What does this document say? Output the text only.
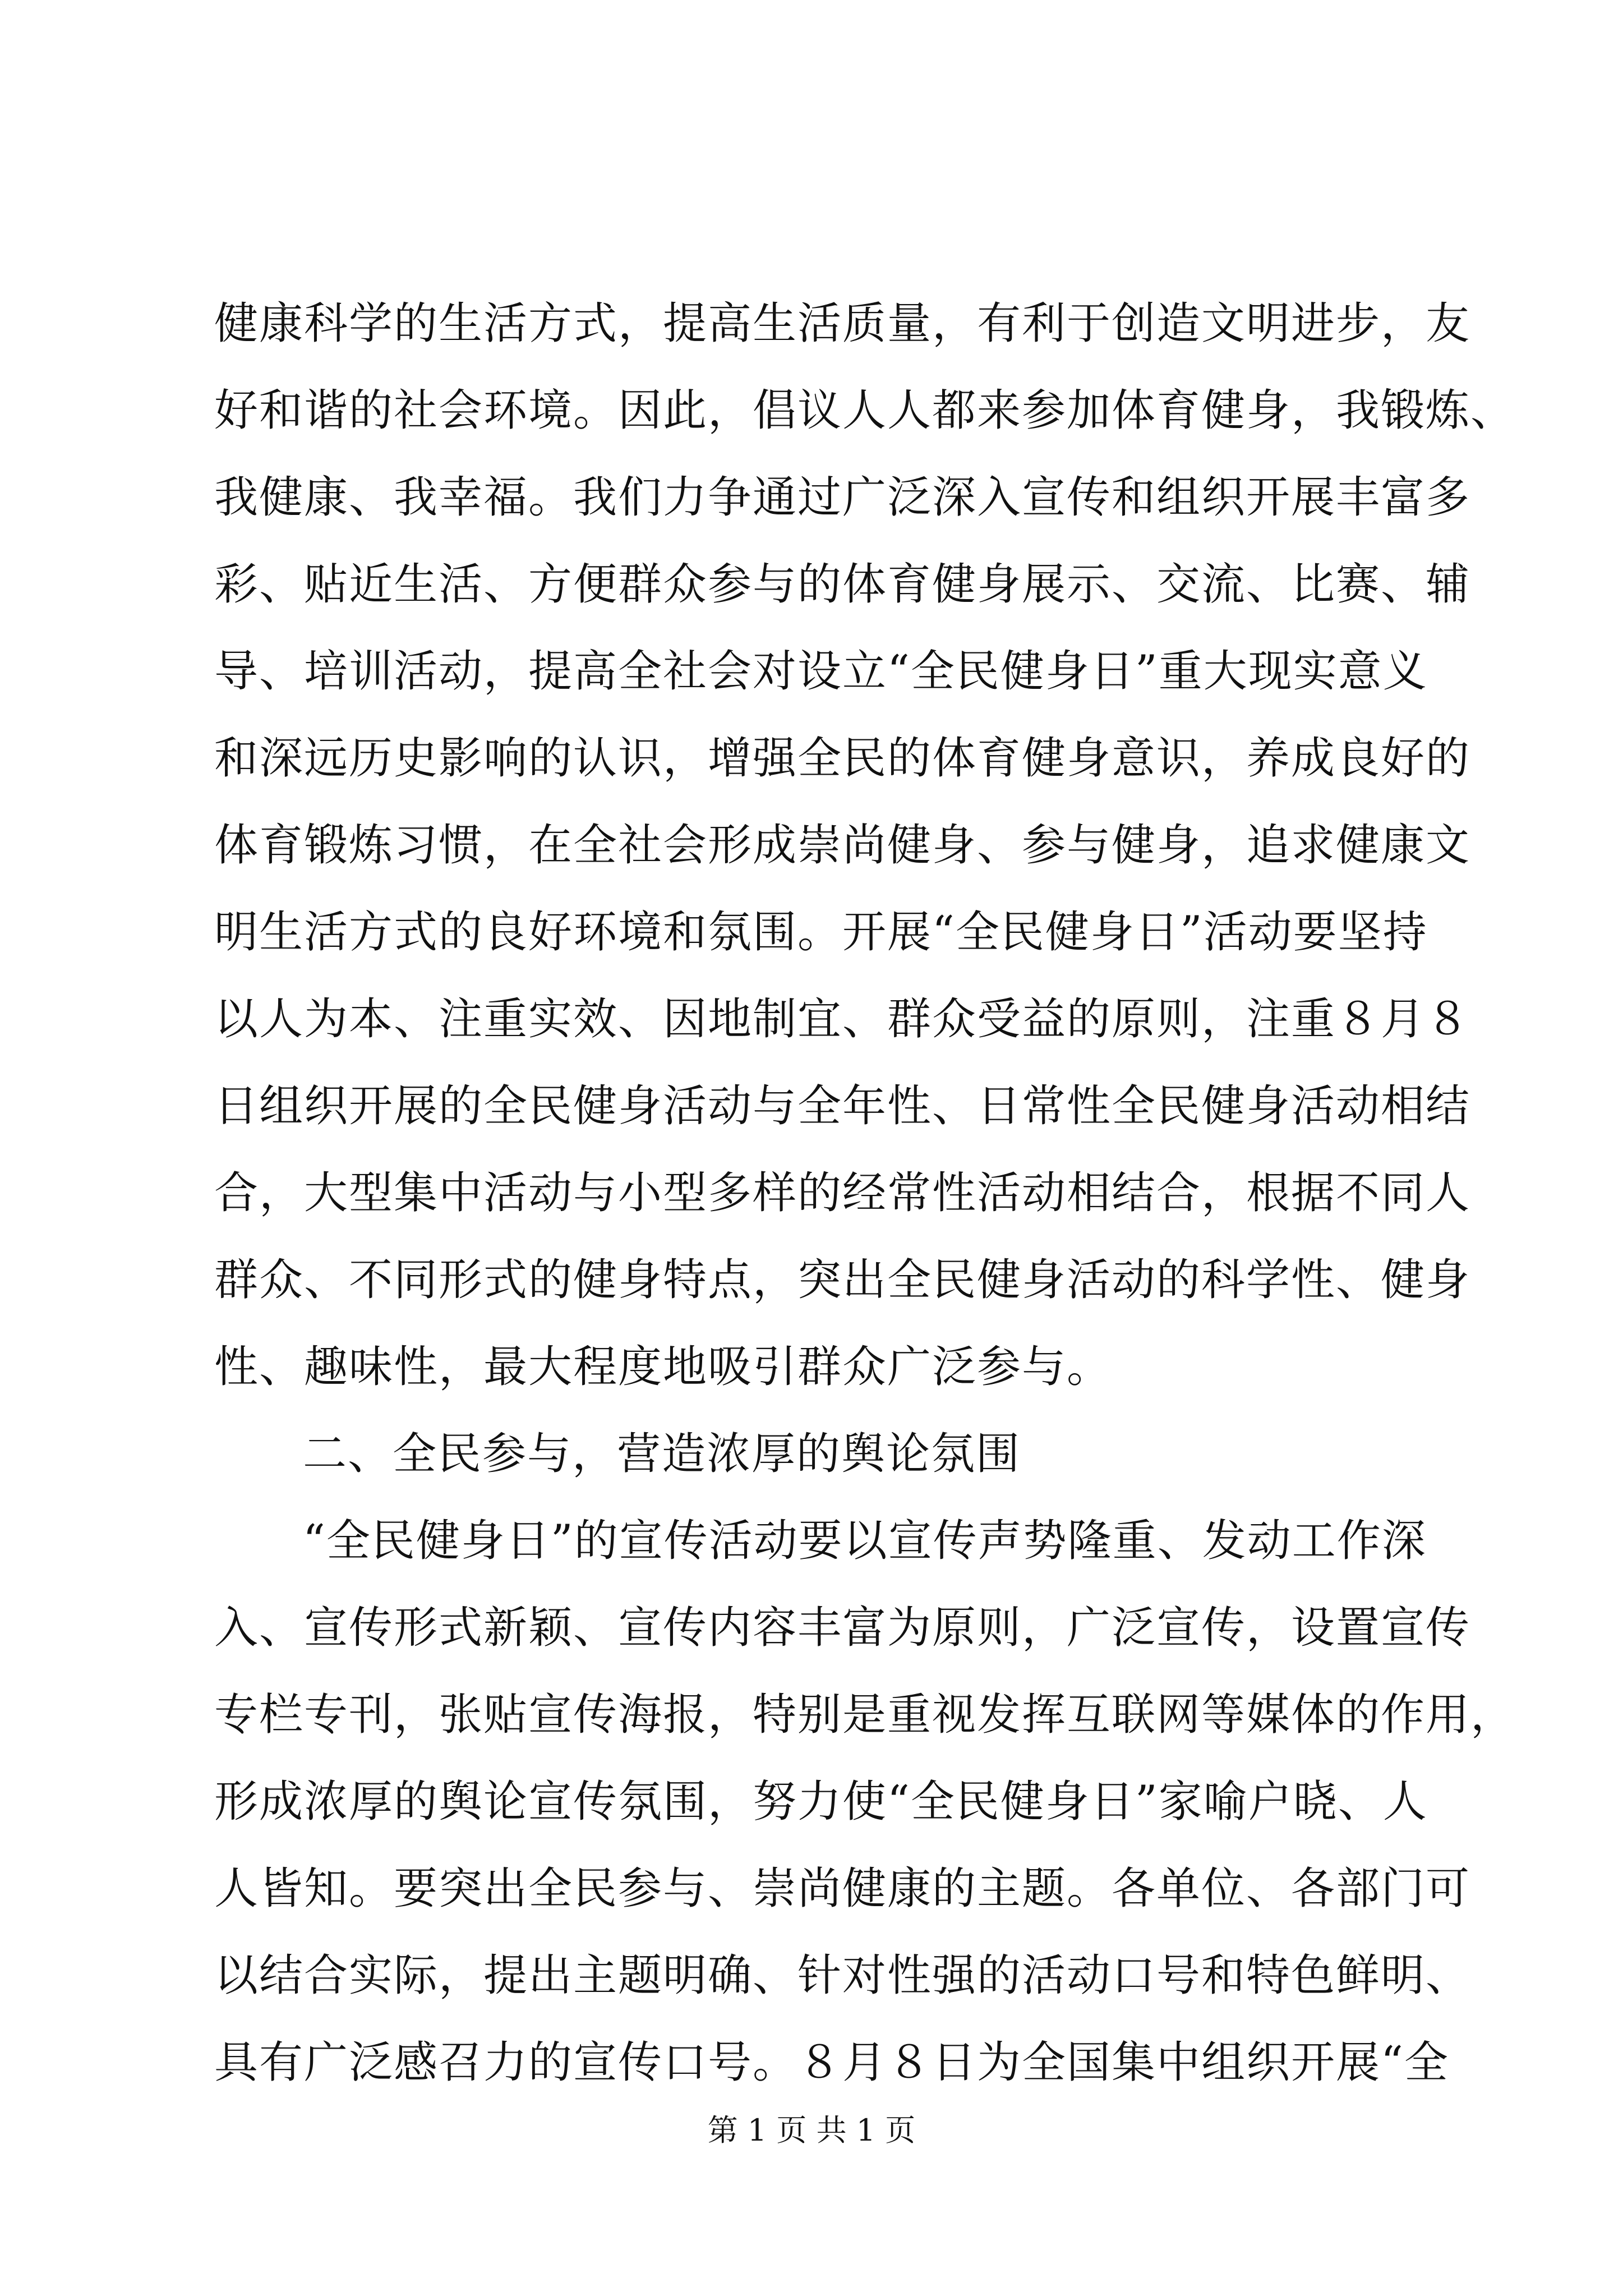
健康科学的生活方式，提高生活质量，有利于创造文明进步，友
好和谐的社会环境。因此，倡议人人都来参加体育健身，我锻炼、
我健康、我幸福。我们力争通过广泛深入宣传和组织开展丰富多
彩、贴近生活、方便群众参与的体育健身展示、交流、比赛、辅
导、培训活动，提高全社会对设立“全民健身日”重大现实意义
和深远历史影响的认识，增强全民的体育健身意识，养成良好的
体育锻炼习惯，在全社会形成崇尚健身、参与健身，追求健康文
明生活方式的良好环境和氛围。开展“全民健身日”活动要坚持
以人为本、注重实效、因地制宜、群众受益的原则，注重８月８
日组织开展的全民健身活动与全年性、日常性全民健身活动相结
合，大型集中活动与小型多样的经常性活动相结合，根据不同人
群众、不同形式的健身特点，突出全民健身活动的科学性、健身
性、趣味性，最大程度地吸引群众广泛参与。
二、全民参与，营造浓厚的舆论氛围
“全民健身日”的宣传活动要以宣传声势隆重、发动工作深
入、宣传形式新颖、宣传内容丰富为原则，广泛宣传，设置宣传
专栏专刊，张贴宣传海报，特别是重视发挥互联网等媒体的作用，
形成浓厚的舆论宣传氛围，努力使“全民健身日”家喻户晓、人
人皆知。要突出全民参与、崇尚健康的主题。各单位、各部门可
以结合实际，提出主题明确、针对性强的活动口号和特色鲜明、
具有广泛感召力的宣传口号。８月８日为全国集中组织开展“全
第 1 页 共 1 页
